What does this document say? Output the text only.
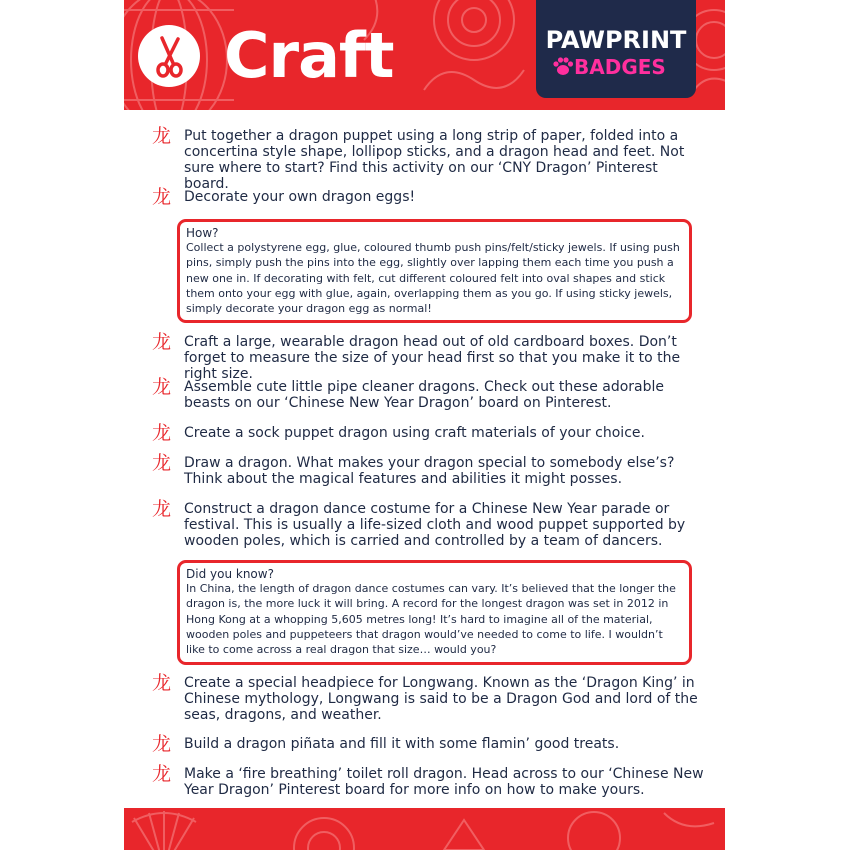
Craft	PAWPRINT
BADGES
龙 Put together a dragon puppet using a long strip of paper, folded into a concertina style shape, lollipop sticks, and a dragon head and feet. Not sure where to start? Find this activity on our ‘CNY Dragon’ Pinterest board.
龙 Decorate your own dragon eggs!
How?
Collect a polystyrene egg, glue, coloured thumb push pins/felt/sticky jewels. If using push pins, simply push the pins into the egg, slightly over lapping them each time you push a new one in. If decorating with felt, cut different coloured felt into oval shapes and stick them onto your egg with glue, again, overlapping them as you go. If using sticky jewels, simply decorate your dragon egg as normal!
龙 Craft a large, wearable dragon head out of old cardboard boxes. Don’t forget to measure the size of your head first so that you make it to the right size.
龙 Assemble cute little pipe cleaner dragons. Check out these adorable beasts on our ‘Chinese New Year Dragon’ board on Pinterest.
龙 Create a sock puppet dragon using craft materials of your choice.
龙 Draw a dragon. What makes your dragon special to somebody else’s? Think about the magical features and abilities it might posses.
龙 Construct a dragon dance costume for a Chinese New Year parade or festival. This is usually a life-sized cloth and wood puppet supported by wooden poles, which is carried and controlled by a team of dancers.
Did you know?
In China, the length of dragon dance costumes can vary. It’s believed that the longer the dragon is, the more luck it will bring. A record for the longest dragon was set in 2012 in Hong Kong at a whopping 5,605 metres long! It’s hard to imagine all of the material, wooden poles and puppeteers that dragon would’ve needed to come to life. I wouldn’t like to come across a real dragon that size… would you?
龙 Create a special headpiece for Longwang. Known as the ‘Dragon King’ in Chinese mythology, Longwang is said to be a Dragon God and lord of the seas, dragons, and weather.
龙 Build a dragon piñata and fill it with some flamin’ good treats.
龙 Make a ‘fire breathing’ toilet roll dragon. Head across to our ‘Chinese New Year Dragon’ Pinterest board for more info on how to make yours.
